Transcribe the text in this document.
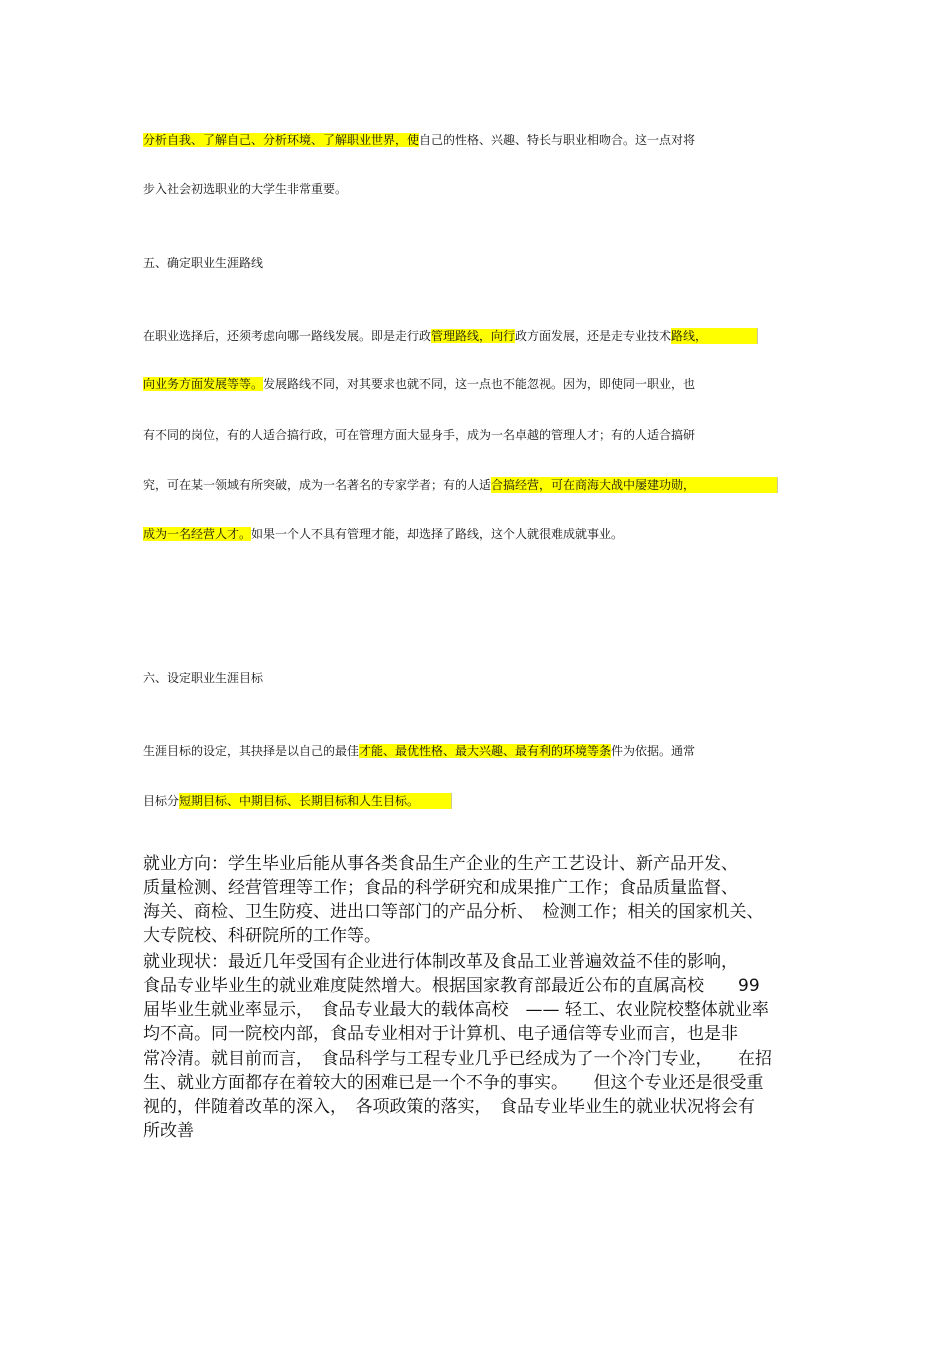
分析自我、了解自己、分析环境、了解职业世界，使自己的性格、兴趣、特长与职业相吻合。这一点对将
步入社会初选职业的大学生非常重要。
五、确定职业生涯路线
在职业选择后，还须考虑向哪一路线发展。即是走行政管理路线，向行政方面发展，还是走专业技术路线，
向业务方面发展等等。发展路线不同，对其要求也就不同，这一点也不能忽视。因为，即使同一职业，也
有不同的岗位，有的人适合搞行政，可在管理方面大显身手，成为一名卓越的管理人才；有的人适合搞研
究，可在某一领域有所突破，成为一名著名的专家学者；有的人适合搞经营，可在商海大战中屡建功勋，
成为一名经营人才。如果一个人不具有管理才能，却选择了路线，这个人就很难成就事业。
六、设定职业生涯目标
生涯目标的设定，其抉择是以自己的最佳才能、最优性格、最大兴趣、最有利的环境等条件为依据。通常
目标分短期目标、中期目标、长期目标和人生目标。
就业方向：学生毕业后能从事各类食品生产企业的生产工艺设计、新产品开发、
质量检测、经营管理等工作；食品的科学研究和成果推广工作；食品质量监督、
海关、商检、卫生防疫、进出口等部门的产品分析、　检测工作；相关的国家机关、
大专院校、科研院所的工作等。
就业现状：最近几年受国有企业进行体制改革及食品工业普遍效益不佳的影响，
食品专业毕业生的就业难度陡然增大。根据国家教育部最近公布的直属高校　　99
届毕业生就业率显示，　食品专业最大的载体高校　—— 轻工、农业院校整体就业率
均不高。同一院校内部，食品专业相对于计算机、电子通信等专业而言，也是非
常冷清。就目前而言，　食品科学与工程专业几乎已经成为了一个冷门专业，　　在招
生、就业方面都存在着较大的困难已是一个不争的事实。　　但这个专业还是很受重
视的，伴随着改革的深入，　各项政策的落实，　食品专业毕业生的就业状况将会有
所改善
